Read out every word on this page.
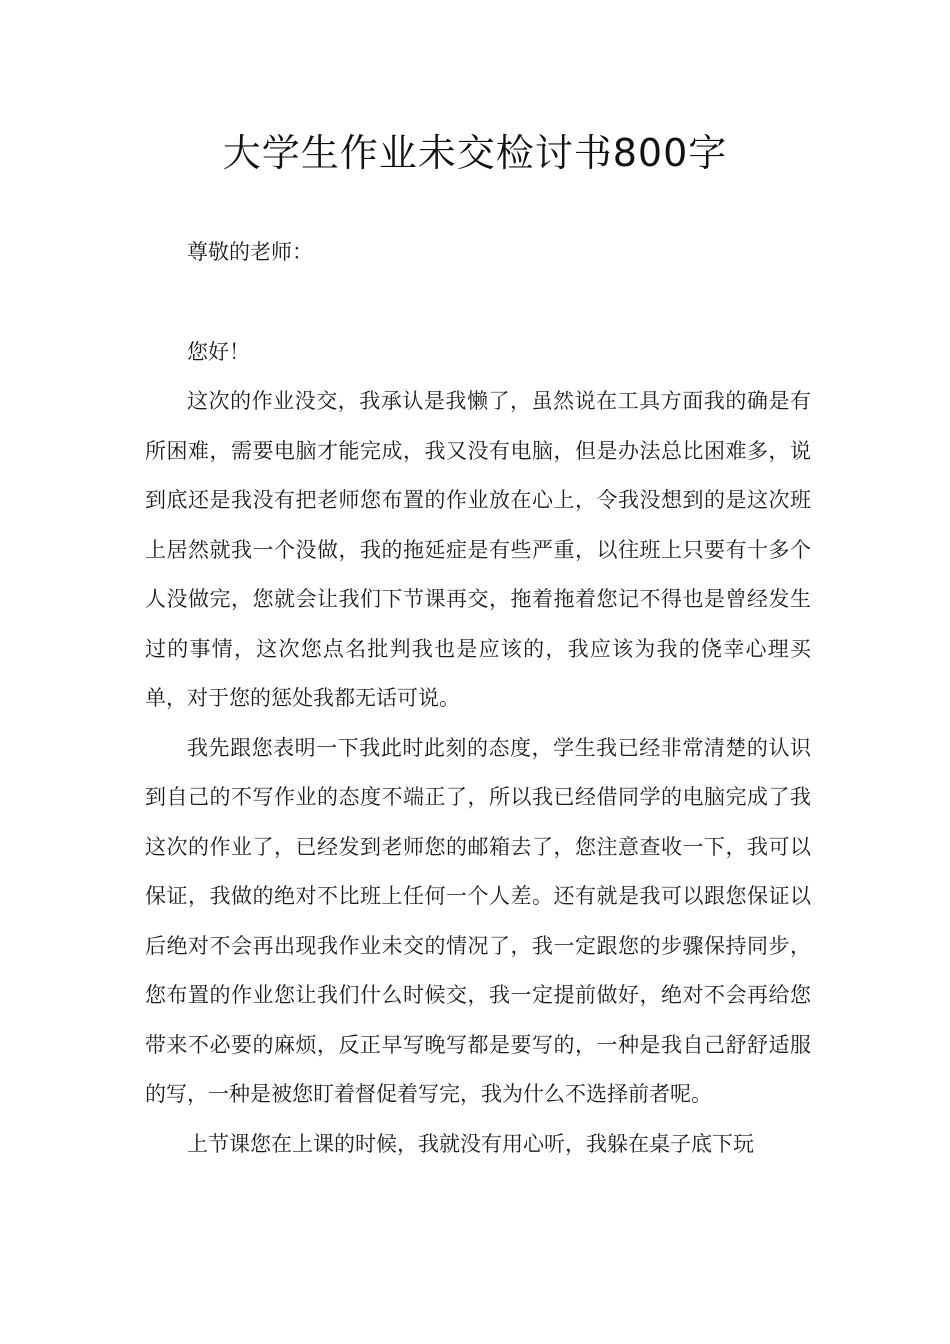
大学生作业未交检讨书800字

尊敬的老师：

您好！

这次的作业没交，我承认是我懒了，虽然说在工具方面我的确是有所困难，需要电脑才能完成，我又没有电脑，但是办法总比困难多，说到底还是我没有把老师您布置的作业放在心上，令我没想到的是这次班上居然就我一个没做，我的拖延症是有些严重，以往班上只要有十多个人没做完，您就会让我们下节课再交，拖着拖着您记不得也是曾经发生过的事情，这次您点名批判我也是应该的，我应该为我的侥幸心理买单，对于您的惩处我都无话可说。

我先跟您表明一下我此时此刻的态度，学生我已经非常清楚的认识到自己的不写作业的态度不端正了，所以我已经借同学的电脑完成了我这次的作业了，已经发到老师您的邮箱去了，您注意查收一下，我可以保证，我做的绝对不比班上任何一个人差。还有就是我可以跟您保证以后绝对不会再出现我作业未交的情况了，我一定跟您的步骤保持同步，您布置的作业您让我们什么时候交，我一定提前做好，绝对不会再给您带来不必要的麻烦，反正早写晚写都是要写的，一种是我自己舒舒适服的写，一种是被您盯着督促着写完，我为什么不选择前者呢。

上节课您在上课的时候，我就没有用心听，我躲在桌子底下玩
